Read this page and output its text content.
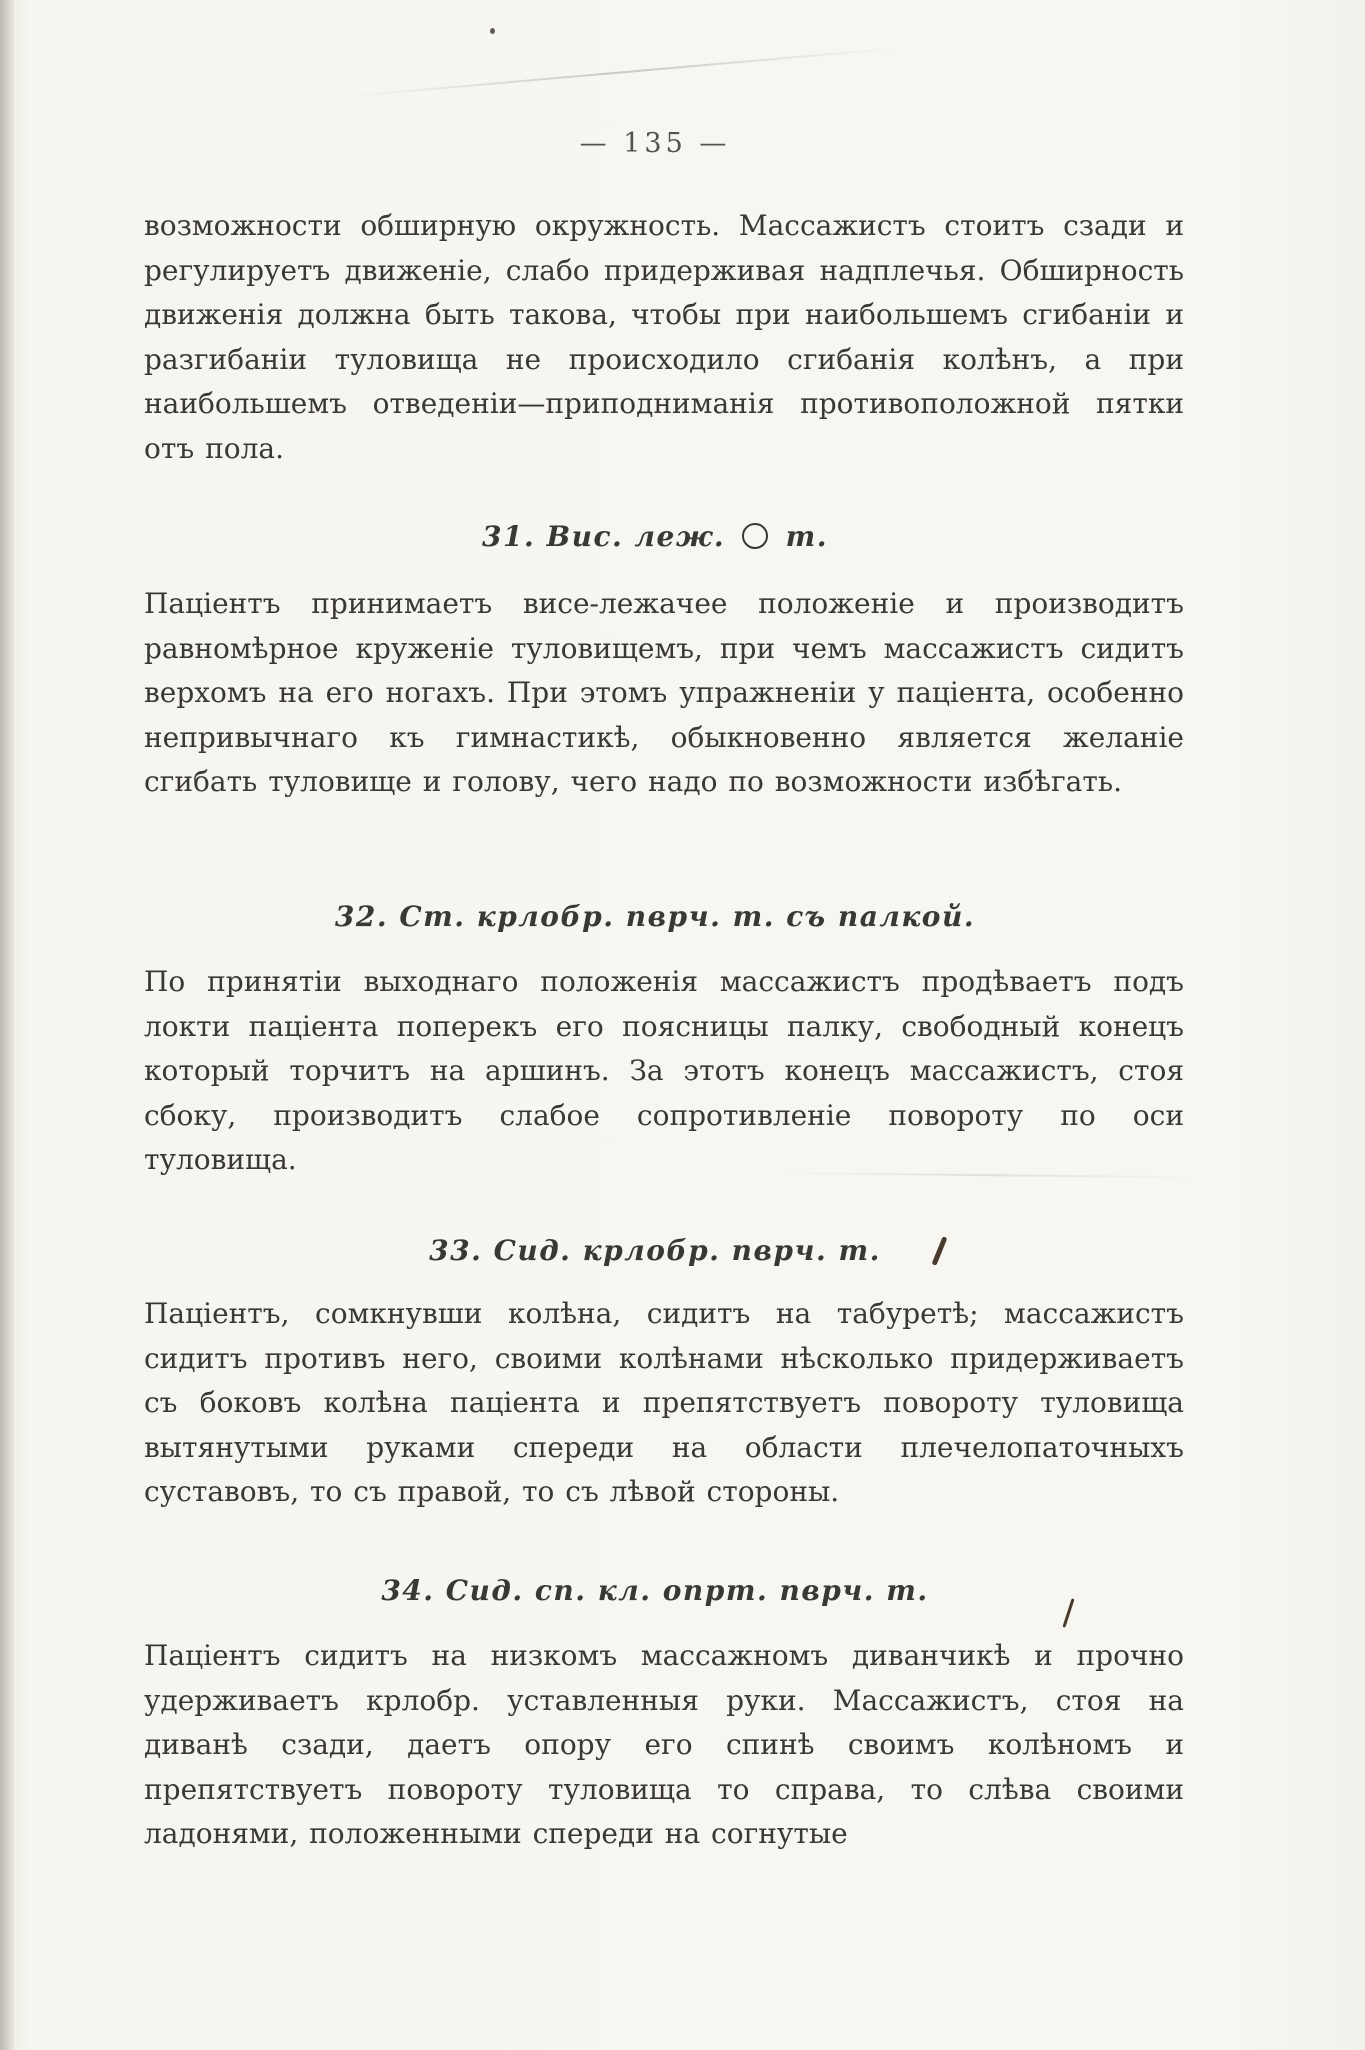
— 135 —

возможности обширную окружность. Массажистъ стоитъ сзади и регулируетъ движеніе, слабо придерживая надплечья. Обширность движенія должна быть такова, чтобы при наибольшемъ сгибаніи и разгибаніи туловища не происходило сгибанія колѣнъ, а при наибольшемъ отведеніи—приподниманія противоположной пятки отъ пола.

31. Вис. леж. т.

Паціентъ принимаетъ висе-лежачее положеніе и производитъ равномѣрное круженіе туловищемъ, при чемъ массажистъ сидитъ верхомъ на его ногахъ. При этомъ упражненіи у паціента, особенно непривычнаго къ гимнастикѣ, обыкновенно является желаніе сгибать туловище и голову, чего надо по возможности избѣгать.

32. Ст. крлобр. пврч. т. съ палкой.

По принятіи выходнаго положенія массажистъ продѣваетъ подъ локти паціента поперекъ его поясницы палку, свободный конецъ который торчитъ на аршинъ. За этотъ конецъ массажистъ, стоя сбоку, производитъ слабое сопротивленіе повороту по оси туловища.

33. Сид. крлобр. пврч. т.

Паціентъ, сомкнувши колѣна, сидитъ на табуретѣ; массажистъ сидитъ противъ него, своими колѣнами нѣсколько придерживаетъ съ боковъ колѣна паціента и препятствуетъ повороту туловища вытянутыми руками спереди на области плечелопаточныхъ суставовъ, то съ правой, то съ лѣвой стороны.

34. Сид. сп. кл. опрт. пврч. т.

Паціентъ сидитъ на низкомъ массажномъ диванчикѣ и прочно удерживаетъ крлобр. уставленныя руки. Массажистъ, стоя на диванѣ сзади, даетъ опору его спинѣ своимъ колѣномъ и препятствуетъ повороту туловища то справа, то слѣва своими ладонями, положенными спереди на согнутые
